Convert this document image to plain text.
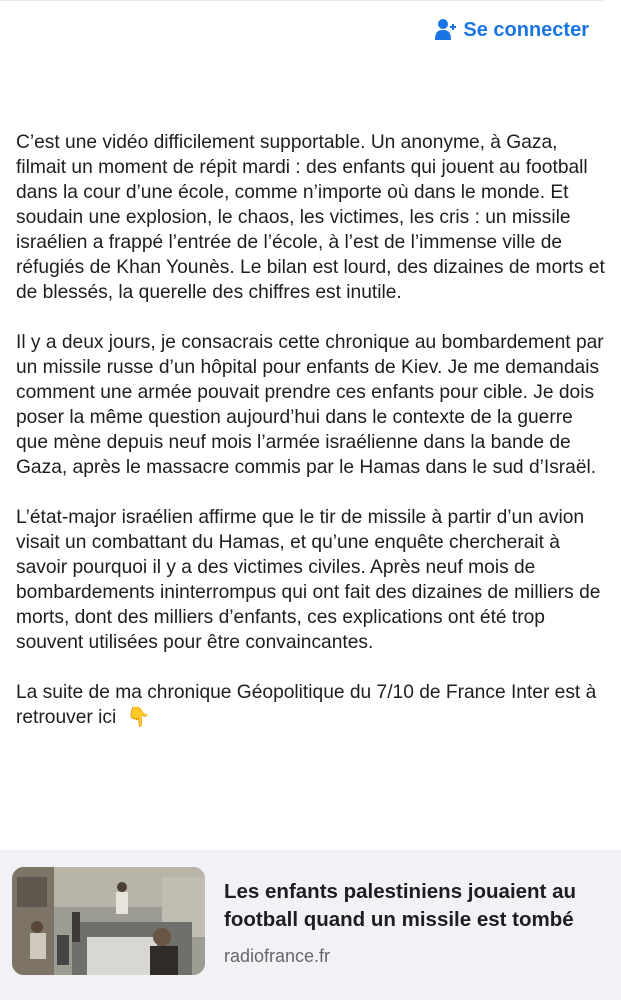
Se connecter

C’est une vidéo difficilement supportable. Un anonyme, à Gaza, filmait un moment de répit mardi : des enfants qui jouent au football dans la cour d’une école, comme n’importe où dans le monde. Et soudain une explosion, le chaos, les victimes, les cris : un missile israélien a frappé l’entrée de l’école, à l’est de l’immense ville de réfugiés de Khan Younès. Le bilan est lourd, des dizaines de morts et de blessés, la querelle des chiffres est inutile.

Il y a deux jours, je consacrais cette chronique au bombardement par un missile russe d’un hôpital pour enfants de Kiev. Je me demandais comment une armée pouvait prendre ces enfants pour cible. Je dois poser la même question aujourd’hui dans le contexte de la guerre que mène depuis neuf mois l’armée israélienne dans la bande de Gaza, après le massacre commis par le Hamas dans le sud d’Israël.

L’état-major israélien affirme que le tir de missile à partir d’un avion visait un combattant du Hamas, et qu’une enquête chercherait à savoir pourquoi il y a des victimes civiles. Après neuf mois de bombardements ininterrompus qui ont fait des dizaines de milliers de morts, dont des milliers d’enfants, ces explications ont été trop souvent utilisées pour être convaincantes.

La suite de ma chronique Géopolitique du 7/10 de France Inter est à retrouver ici 👇

Les enfants palestiniens jouaient au football quand un missile est tombé
radiofrance.fr
